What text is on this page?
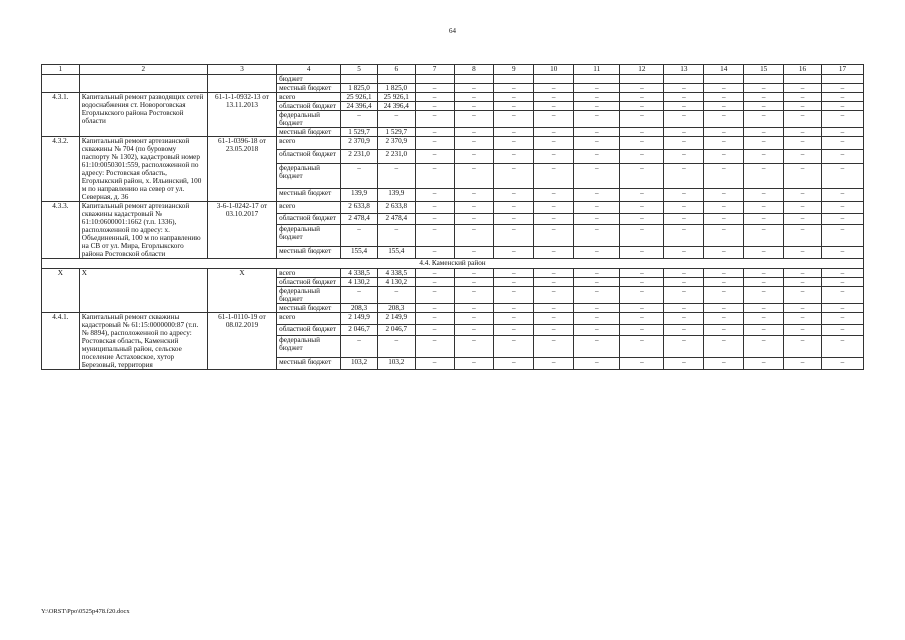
64
1	2	3	4	5	6	7	8	9	10	11	12	13	14	15	16	17
			бюджет													
			местный бюджет	1 825,0	1 825,0	–	–	–	–	–	–	–	–	–	–	–
4.3.1.	Капитальный ремонт разводящих сетей водоснабжения ст. Новороговская Егорлыкского района Ростовской области	61-1-1-0932-13 от 13.11.2013	всего	25 926,1	25 926,1	–	–	–	–	–	–	–	–	–	–	–
			областной бюджет	24 396,4	24 396,4	–	–	–	–	–	–	–	–	–	–	–
			федеральный бюджет	–	–	–	–	–	–	–	–	–	–	–	–	–
			местный бюджет	1 529,7	1 529,7	–	–	–	–	–	–	–	–	–	–	–
4.3.2.	Капитальный ремонт артезианской скважины № 704 (по буровому паспорту № 1302), кадастровый номер 61:10:0050301:559, расположенной по адресу: Ростовская область, Егорлыкский район, х. Ильинский, 100 м по направлению на север от ул. Северная, д. 36	61-1-0396-18 от 23.05.2018	всего	2 370,9	2 370,9	–	–	–	–	–	–	–	–	–	–	–
			областной бюджет	2 231,0	2 231,0	–	–	–	–	–	–	–	–	–	–	–
			федеральный бюджет	–	–	–	–	–	–	–	–	–	–	–	–	–
			местный бюджет	139,9	139,9	–	–	–	–	–	–	–	–	–	–	–
4.3.3.	Капитальный ремонт артезианской скважины кадастровый № 61:10:0600001:1662 (т.п. 1336), расположенной по адресу: х. Объединенный, 100 м по направлению на СВ от ул. Мира, Егорлыкского района Ростовской области	3-6-1-0242-17 от 03.10.2017	всего	2 633,8	2 633,8	–	–	–	–	–	–	–	–	–	–	–
			областной бюджет	2 478,4	2 478,4	–	–	–	–	–	–	–	–	–	–	–
			федеральный бюджет	–	–	–	–	–	–	–	–	–	–	–	–	–
			местный бюджет	155,4	155,4	–	–	–	–	–	–	–	–	–	–	–
4.4. Каменский район																
Х	Х	Х	всего	4 338,5	4 338,5	–	–	–	–	–	–	–	–	–	–	–
			областной бюджет	4 130,2	4 130,2	–	–	–	–	–	–	–	–	–	–	–
			федеральный бюджет	–	–	–	–	–	–	–	–	–	–	–	–	–
			местный бюджет	208,3	208,3	–	–	–	–	–	–	–	–	–	–	–
4.4.1.	Капитальный ремонт скважины кадастровый № 61:15:0000000:87 (т.п. № 8894), расположенной по адресу: Ростовская область, Каменский муниципальный район, сельское поселение Астаховское, хутор Березовый, территория	61-1-0110-19 от 08.02.2019	всего	2 149,9	2 149,9	–	–	–	–	–	–	–	–	–	–	–
			областной бюджет	2 046,7	2 046,7	–	–	–	–	–	–	–	–	–	–	–
			федеральный бюджет	–	–	–	–	–	–	–	–	–	–	–	–	–
			местный бюджет	103,2	103,2	–	–	–	–	–	–	–	–	–	–	–
Y:\ORST\Ppo\0525p478.f20.docx
